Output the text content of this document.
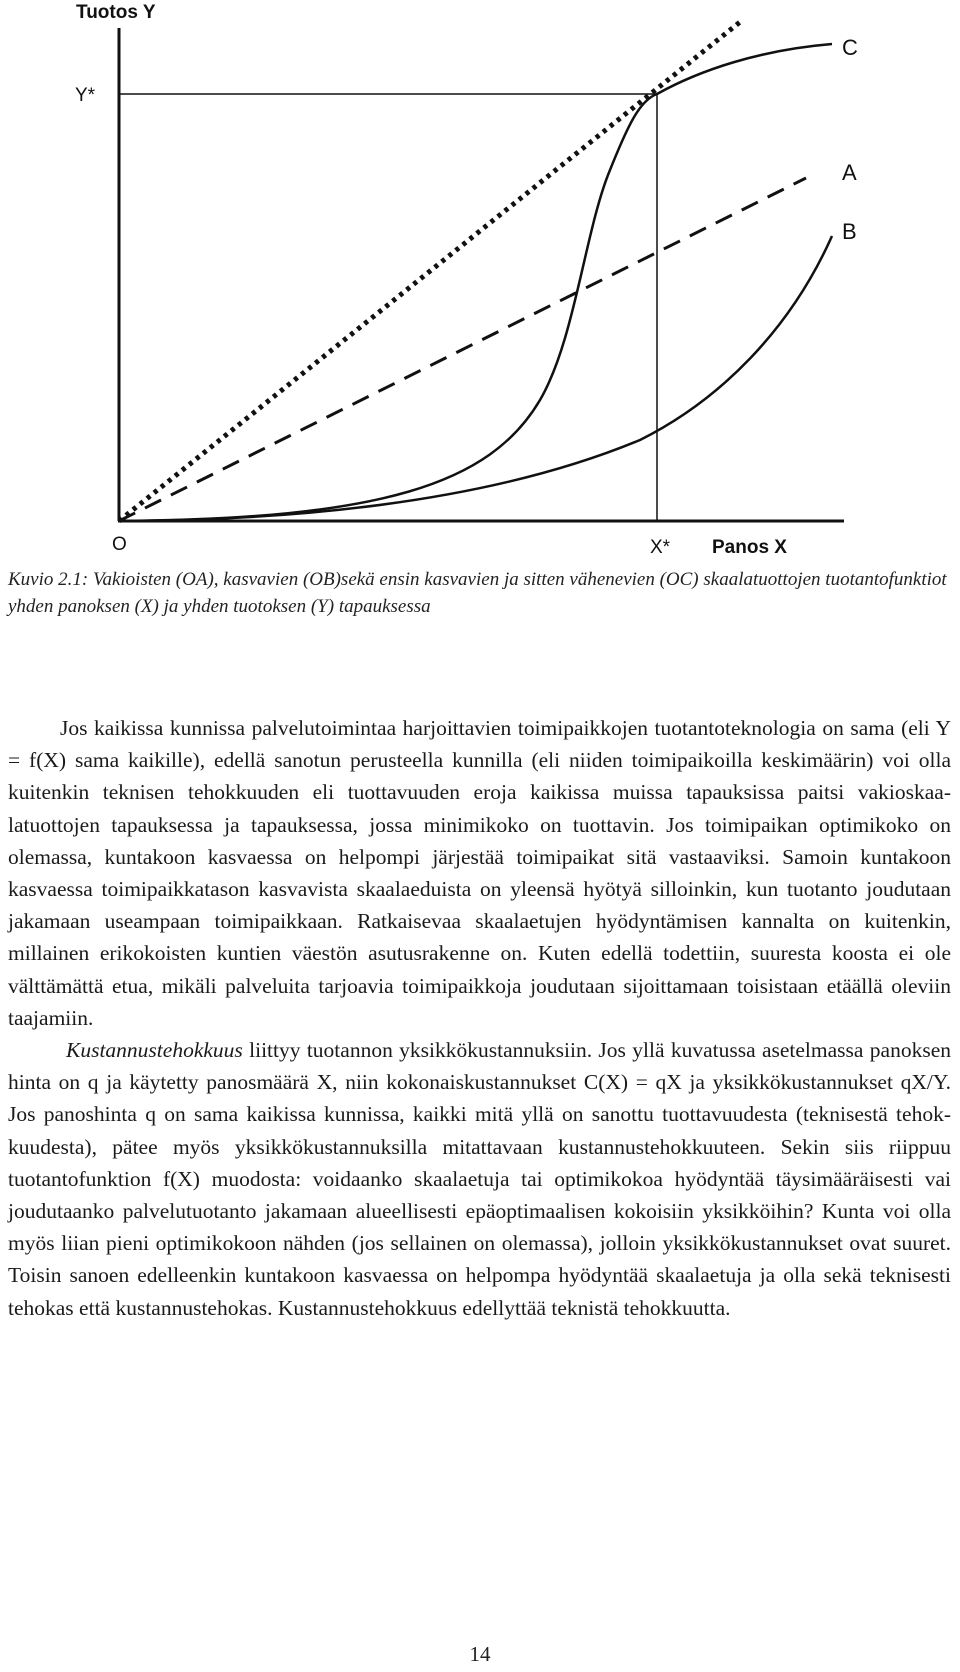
Tuotos Y
Y*
O	X* Panos X
C
A
B
Kuvio 2.1: Vakioisten (OA), kasvavien (OB)sekä ensin kasvavien ja sitten vähenevien (OC) skaalatuottojen tuotantofunktiot yhden panoksen (X) ja yhden tuotoksen (Y) tapauksessa

Jos kaikissa kunnissa palvelutoimintaa harjoittavien toimipaikkojen tuotantoteknologia on sama (eli Y = f(X) sama kaikille), edellä sanotun perusteella kunnilla (eli niiden toimipaikoilla keskimäärin) voi olla kuitenkin teknisen tehokkuuden eli tuottavuuden eroja kaikissa muissa tapauksissa paitsi vakioskaalatuottojen tapauksessa ja tapauksessa, jossa minimikoko on tuottavin. Jos toimipaikan optimikoko on olemassa, kuntakoon kasvaessa on helpompi järjestää toimipaikat sitä vastaaviksi. Samoin kuntakoon kasvaessa toimipaikkatason kasvavista skaalaeduista on yleensä hyötyä silloinkin, kun tuotanto joudutaan jakamaan useampaan toimipaikkaan. Ratkaisevaa skaalaetujen hyödyntämisen kannalta on kuitenkin, millainen erikokoisten kuntien väestön asutusrakenne on. Kuten edellä todettiin, suuresta koosta ei ole välttämättä etua, mikäli palveluita tarjoavia toimipaikkoja joudutaan sijoittamaan toisistaan etäällä oleviin taajamiin.

Kustannustehokkuus liittyy tuotannon yksikkökustannuksiin. Jos yllä kuvatussa asetelmassa panoksen hinta on q ja käytetty panosmäärä X, niin kokonaiskustannukset C(X) = qX ja yksikkökustannukset qX/Y. Jos panoshinta q on sama kaikissa kunnissa, kaikki mitä yllä on sanottu tuottavuudesta (teknisestä tehokkuudesta), pätee myös yksikkökustannuksilla mitattavaan kustannustehokkuuteen. Sekin siis riippuu tuotantofunktion f(X) muodosta: voidaanko skaalaetuja tai optimikokoa hyödyntää täysimääräisesti vai joudutaanko palvelutuotanto jakamaan alueellisesti epäoptimaalisen kokoisiin yksikköihin? Kunta voi olla myös liian pieni optimikokoon nähden (jos sellainen on olemassa), jolloin yksikkökustannukset ovat suuret. Toisin sanoen edelleenkin kuntakoon kasvaessa on helpompa hyödyntää skaalaetuja ja olla sekä teknisesti tehokas että kustannustehokas. Kustannustehokkuus edellyttää teknistä tehokkuutta.

14
